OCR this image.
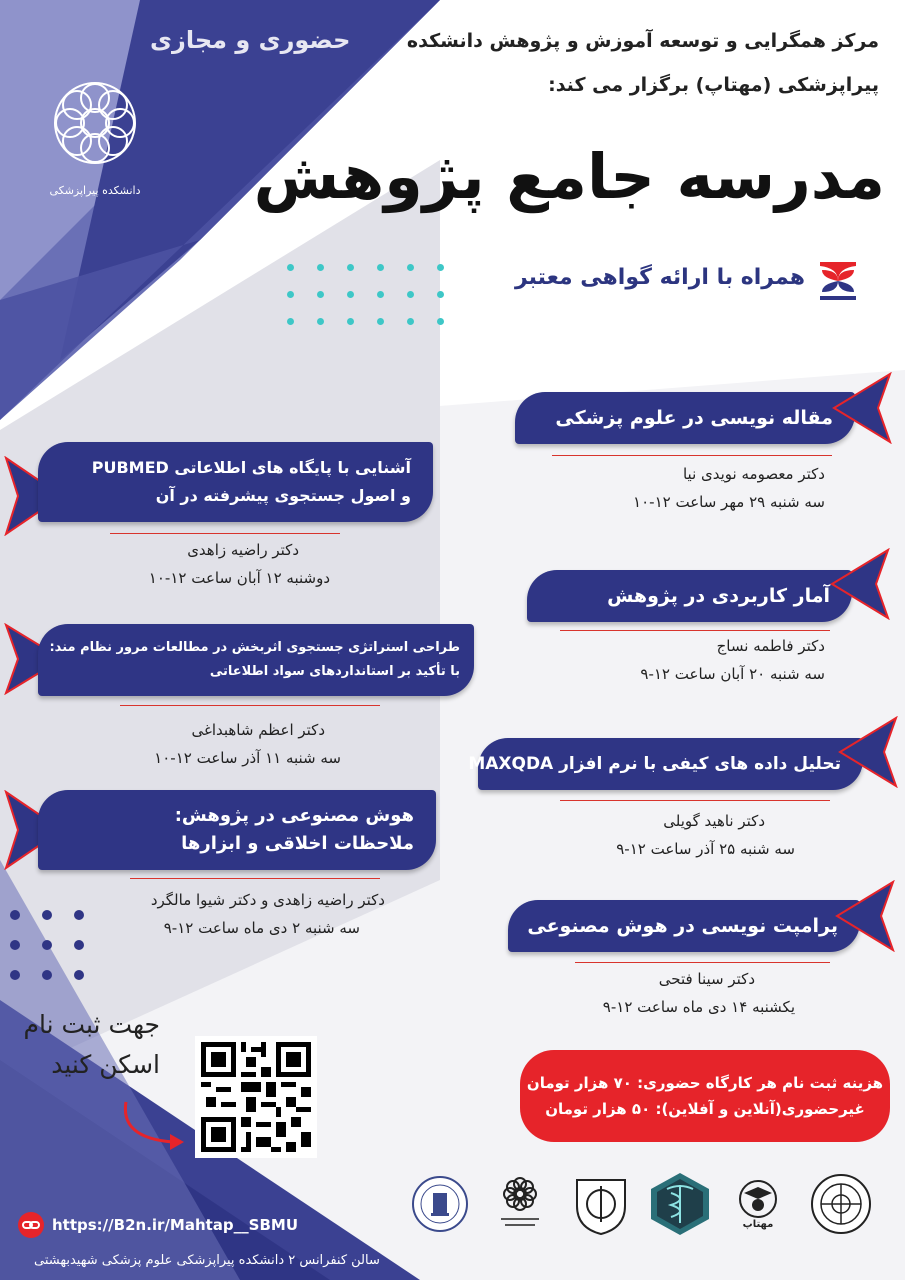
دانشکده پیراپزشکی
حضوری و مجازی	مرکز همگرایی و توسعه آموزش و پژوهش دانشکده
پیراپزشکی (مهتاپ) برگزار می کند:
مدرسه جامع پژوهش
همراه با ارائه گواهی معتبر
مقاله نویسی در علوم پزشکی
دکتر معصومه نویدی نیا
سه شنبه ۲۹ مهر ساعت ۱۲-۱۰
آمار کاربردی در پژوهش
دکتر فاطمه نساج
سه شنبه ۲۰ آبان ساعت ۱۲-۹
تحلیل داده های کیفی با نرم افزار MAXQDA
دکتر ناهید گویلی
سه شنبه ۲۵ آذر ساعت ۱۲-۹
پرامپت نویسی در هوش مصنوعی
دکتر سینا فتحی
یکشنبه ۱۴ دی ماه ساعت ۱۲-۹
آشنایی با پایگاه های اطلاعاتی PUBMED
و اصول جستجوی پیشرفته در آن
دکتر راضیه زاهدی
دوشنبه ۱۲ آبان ساعت ۱۲-۱۰
طراحی استراتژی جستجوی اثربخش در مطالعات مرور نظام مند:
با تأکید بر استانداردهای سواد اطلاعاتی
دکتر اعظم شاهبداغی
سه شنبه ۱۱ آذر ساعت ۱۲-۱۰
هوش مصنوعی در پژوهش:
ملاحظات اخلاقی و ابزارها
دکتر راضیه زاهدی و دکتر شیوا مالگرد
سه شنبه ۲ دی ماه ساعت ۱۲-۹
جهت ثبت نام
اسکن کنید
هزینه ثبت نام هر کارگاه حضوری: ۷۰ هزار تومان
غیرحضوری(آنلاین و آفلاین): ۵۰ هزار تومان
مهتاپ
https://B2n.ir/Mahtap__SBMU
سالن کنفرانس ۲ دانشکده پیراپزشکی علوم پزشکی شهیدبهشتی
